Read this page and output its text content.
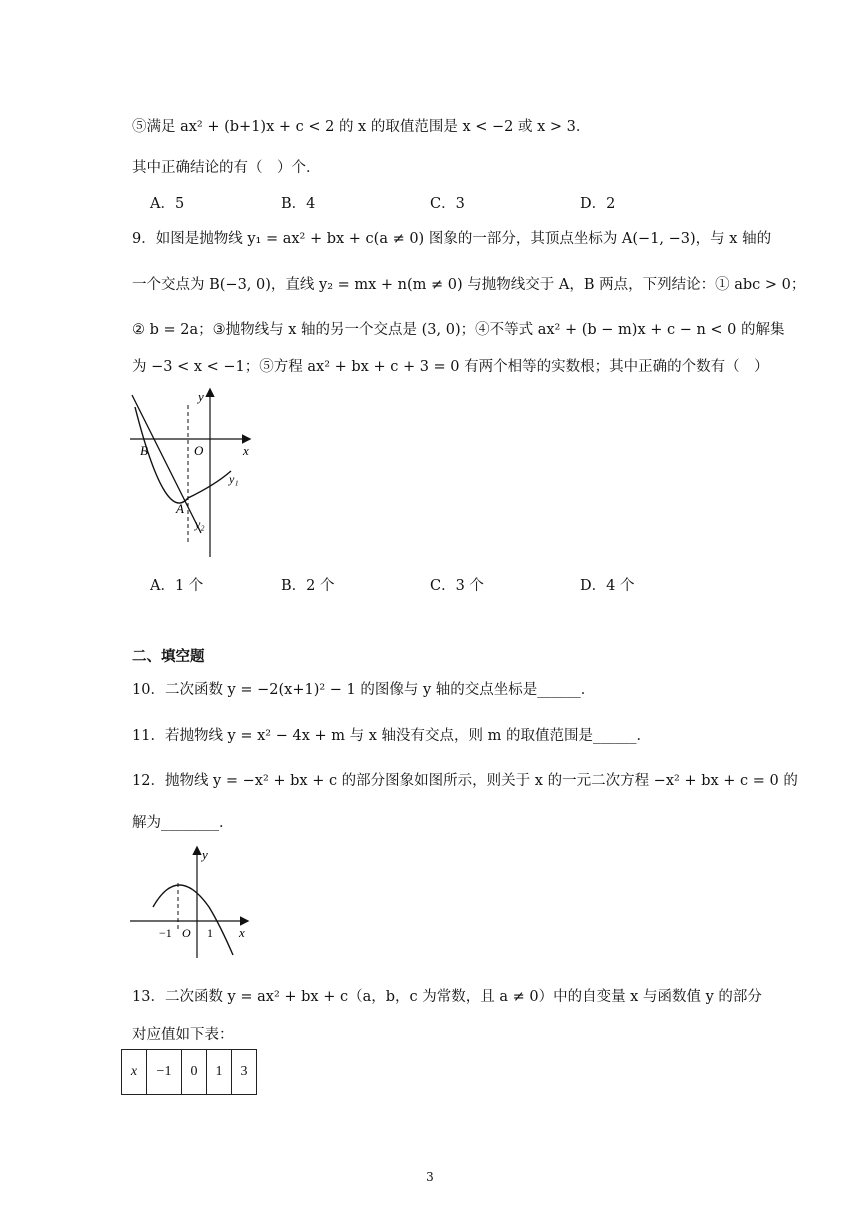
⑤满足 ax² + (b+1)x + c < 2 的 x 的取值范围是 x < −2 或 x > 3．
其中正确结论的有（　）个．
A．5	B．4	C．3	D．2
9．如图是抛物线 y₁ = ax² + bx + c(a ≠ 0) 图象的一部分，其顶点坐标为 A(−1, −3)，与 x 轴的
一个交点为 B(−3, 0)，直线 y₂ = mx + n(m ≠ 0) 与抛物线交于 A，B 两点，下列结论：① abc > 0；
② b = 2a；③抛物线与 x 轴的另一个交点是 (3, 0)；④不等式 ax² + (b − m)x + c − n < 0 的解集
为 −3 < x < −1；⑤方程 ax² + bx + c + 3 = 0 有两个相等的实数根；其中正确的个数有（　）
y
x
O
B
A
y₁
y₂
A．1 个	B．2 个	C．3 个	D．4 个
二、填空题
10．二次函数 y = −2(x+1)² − 1 的图像与 y 轴的交点坐标是______．
11．若抛物线 y = x² − 4x + m 与 x 轴没有交点，则 m 的取值范围是______．
12．抛物线 y = −x² + bx + c 的部分图象如图所示，则关于 x 的一元二次方程 −x² + bx + c = 0 的
解为________．
y
x
O
−1	1
13．二次函数 y = ax² + bx + c（a，b，c 为常数，且 a ≠ 0）中的自变量 x 与函数值 y 的部分
对应值如下表：
x	−1	0	1	3
3
